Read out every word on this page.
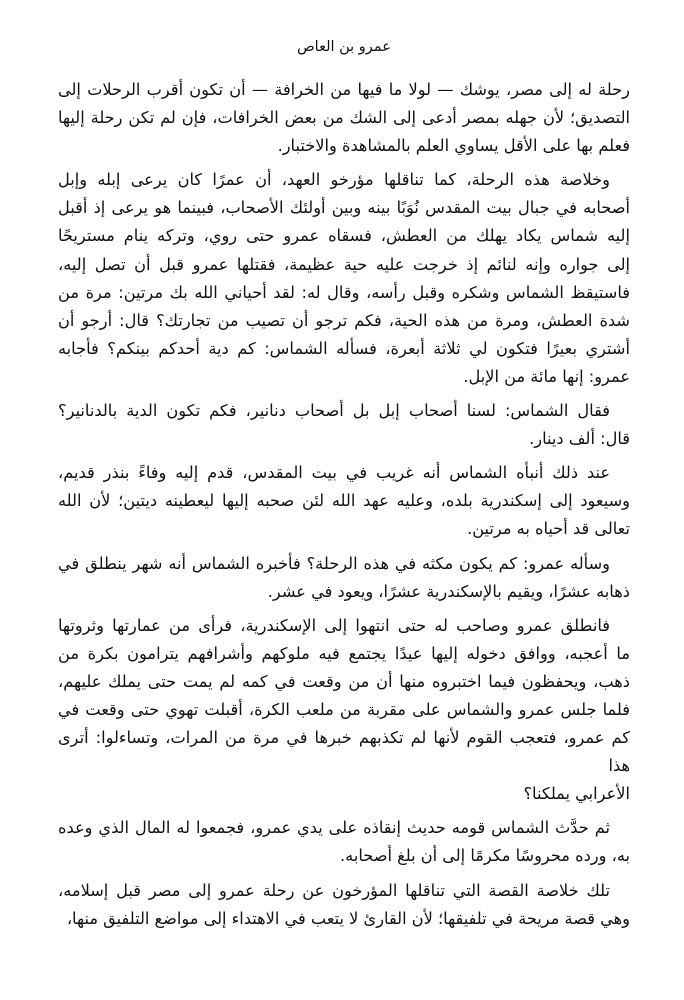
عمرو بن العاص

رحلة له إلى مصر، يوشك — لولا ما فيها من الخرافة — أن تكون أقرب الرحلات إلى
التصديق؛ لأن جهله بمصر أدعى إلى الشك من بعض الخرافات، فإن لم تكن رحلة إليها
فعلم بها على الأقل يساوي العلم بالمشاهدة والاختبار.

وخلاصة هذه الرحلة، كما تناقلها مؤرخو العهد، أن عمرًا كان يرعى إبله وإبل
أصحابه في جبال بيت المقدس نُوَبًا بينه وبين أولئك الأصحاب، فبينما هو يرعى إذ أقبل
إليه شماس يكاد يهلك من العطش، فسقاه عمرو حتى روي، وتركه ينام مستريحًا
إلى جواره وإنه لنائم إذ خرجت عليه حية عظيمة، فقتلها عمرو قبل أن تصل إليه،
فاستيقظ الشماس وشكره وقبل رأسه، وقال له: لقد أحياني الله بك مرتين: مرة من
شدة العطش، ومرة من هذه الحية، فكم ترجو أن تصيب من تجارتك؟ قال: أرجو أن
أشتري بعيرًا فتكون لي ثلاثة أبعرة، فسأله الشماس: كم دية أحدكم بينكم؟ فأجابه
عمرو: إنها مائة من الإبل.

فقال الشماس: لسنا أصحاب إبل بل أصحاب دنانير، فكم تكون الدية بالدنانير؟
قال: ألف دينار.

عند ذلك أنبأه الشماس أنه غريب في بيت المقدس، قدم إليه وفاءً بنذر قديم،
وسيعود إلى إسكندرية بلده، وعليه عهد الله لئن صحبه إليها ليعطينه ديتين؛ لأن الله
تعالى قد أحياه به مرتين.

وسأله عمرو: كم يكون مكثه في هذه الرحلة؟ فأخبره الشماس أنه شهر ينطلق في
ذهابه عشرًا، ويقيم بالإسكندرية عشرًا، ويعود في عشر.

فانطلق عمرو وصاحب له حتى انتهوا إلى الإسكندرية، فرأى من عمارتها وثروتها
ما أعجبه، ووافق دخوله إليها عيدًا يجتمع فيه ملوكهم وأشرافهم يترامون بكرة من
ذهب، ويحفظون فيما اختبروه منها أن من وقعت في كمه لم يمت حتى يملك عليهم،
فلما جلس عمرو والشماس على مقربة من ملعب الكرة، أقبلت تهوي حتى وقعت في
كم عمرو، فتعجب القوم لأنها لم تكذبهم خبرها في مرة من المرات، وتساءلوا: أترى هذا
الأعرابي يملكنا؟

ثم حدَّث الشماس قومه حديث إنقاذه على يدي عمرو، فجمعوا له المال الذي وعده
به، ورده محروسًا مكرمًا إلى أن بلغ أصحابه.

تلك خلاصة القصة التي تناقلها المؤرخون عن رحلة عمرو إلى مصر قبل إسلامه،
وهي قصة مريحة في تلفيقها؛ لأن القارئ لا يتعب في الاهتداء إلى مواضع التلفيق منها،
